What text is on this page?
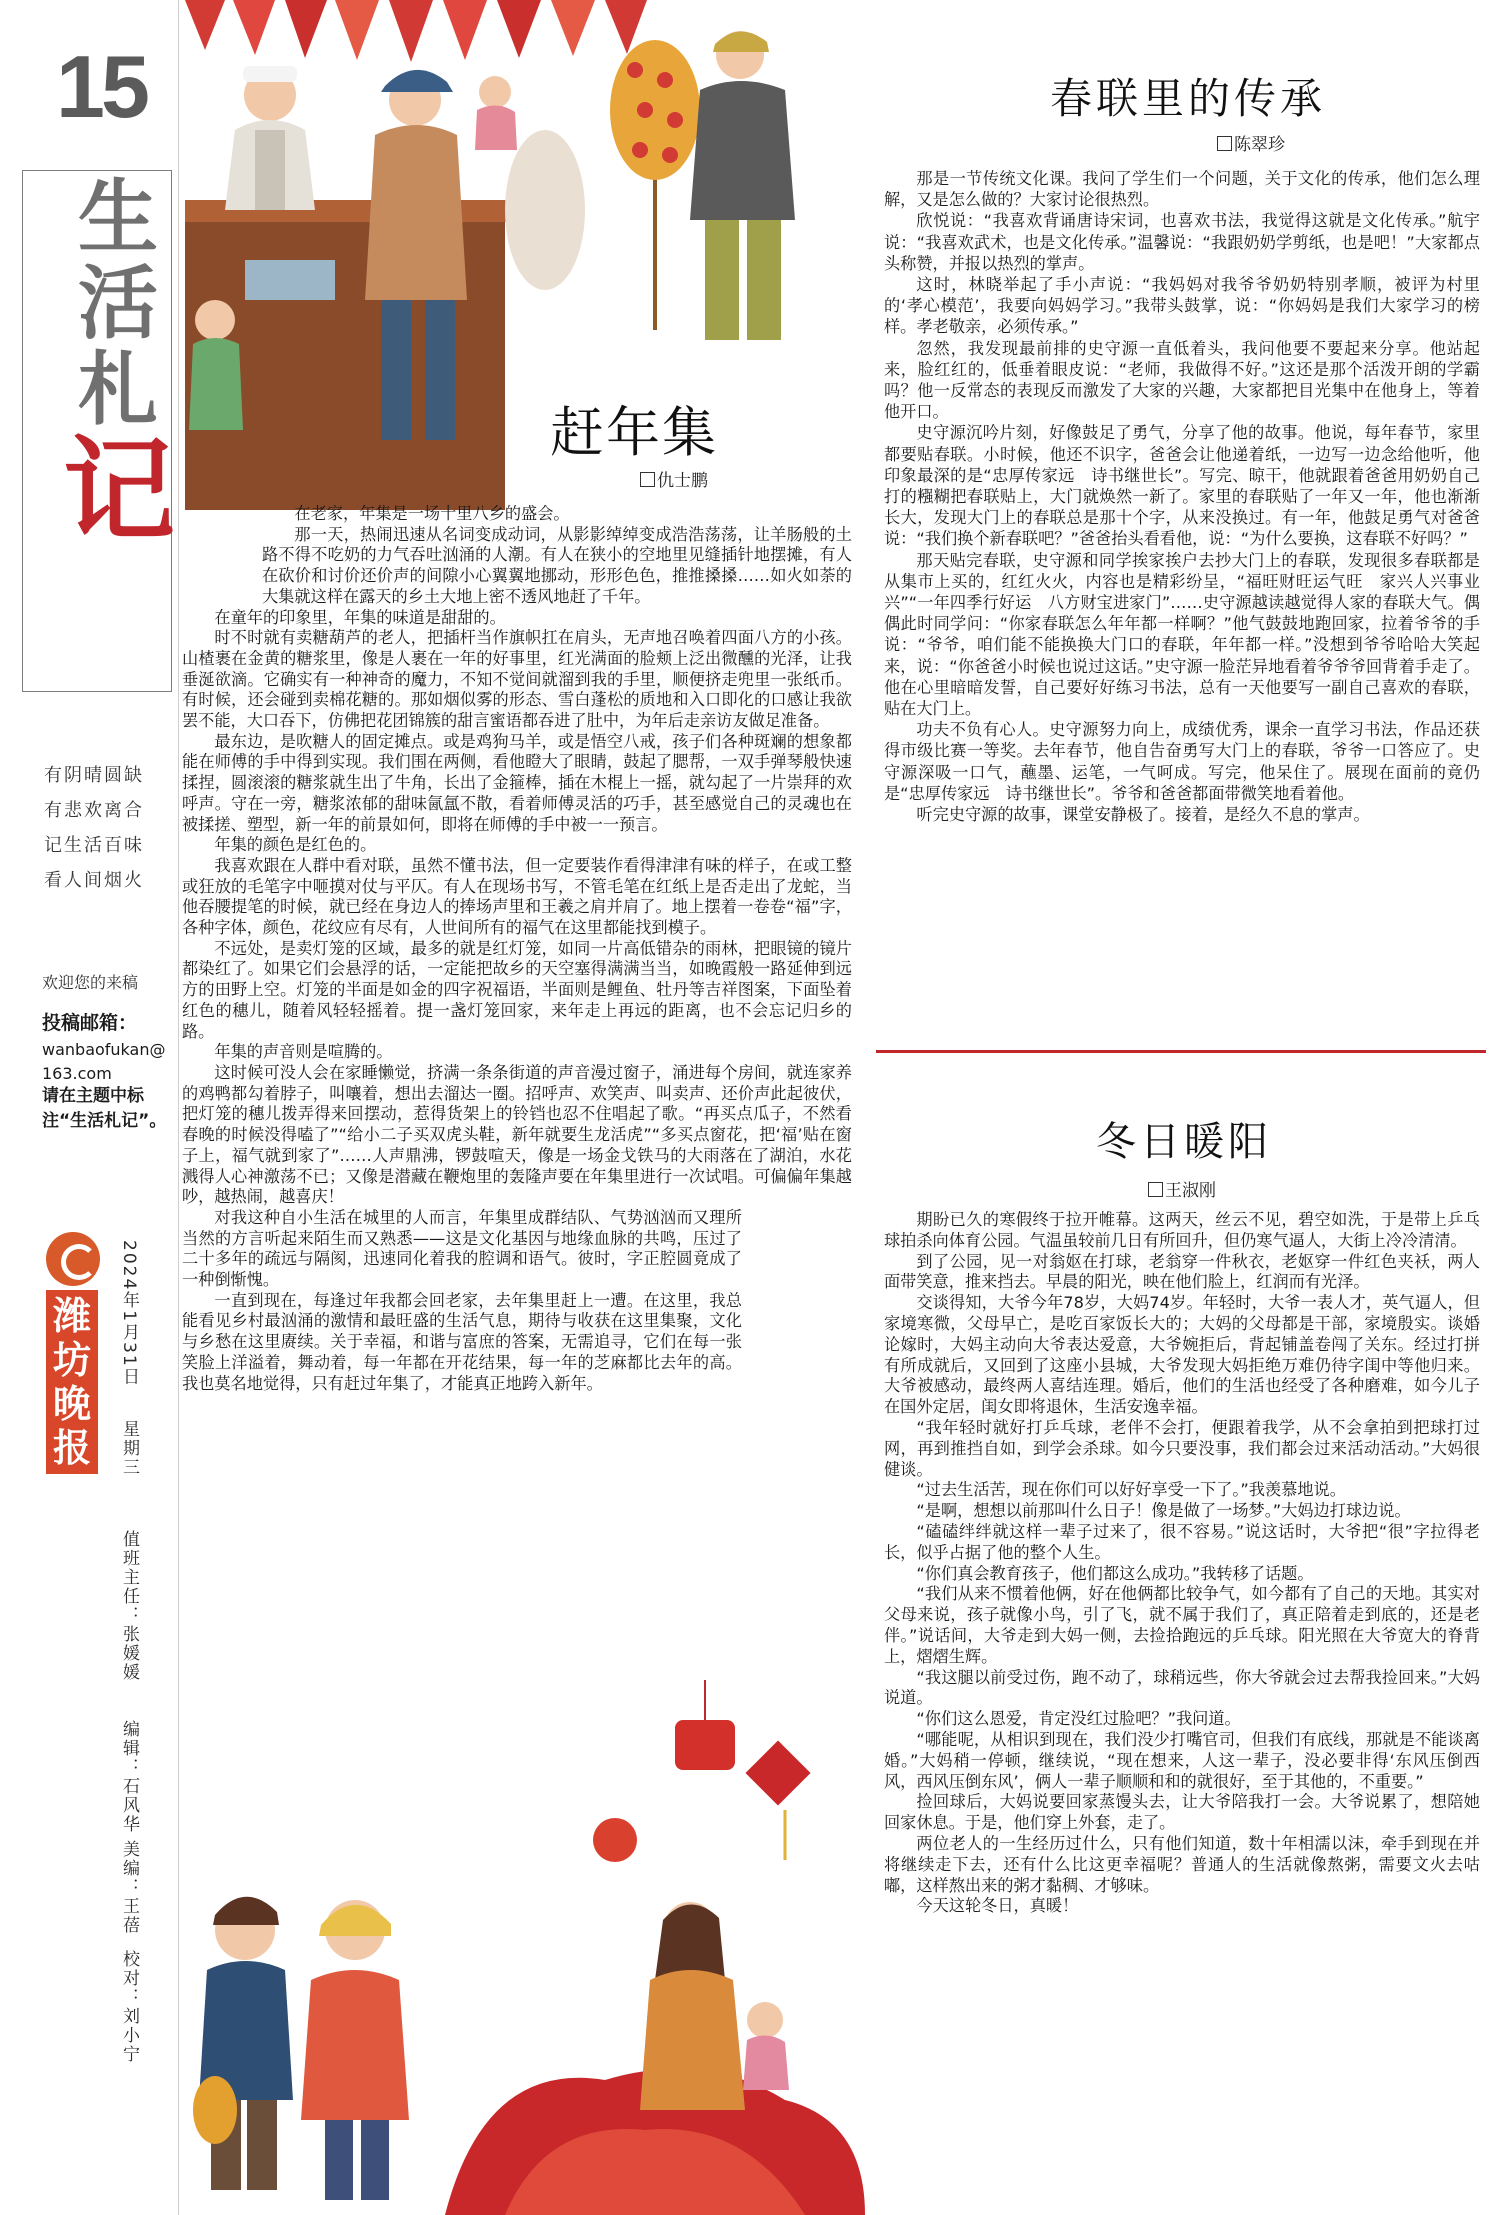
15
生
活
札
记
有阴晴圆缺
有悲欢离合
记生活百味
看人间烟火
欢迎您的来稿
投稿邮箱：
wanbaofukan@163.com
请在主题中标注“生活札记”。
潍坊晚报
2024年1月31日
星期三
值班主任：张媛媛
编辑：石风华
美编：王蓓
校对：刘小宁
赶年集
仇士鹏

在老家，年集是一场十里八乡的盛会。

那一天，热闹迅速从名词变成动词，从影影绰绰变成浩浩荡荡，让羊肠般的土路不得不吃奶的力气吞吐汹涌的人潮。有人在狭小的空地里见缝插针地摆摊，有人在砍价和讨价还价声的间隙小心翼翼地挪动，形形色色，推推搡搡……如火如荼的大集就这样在露天的乡土大地上密不透风地赶了千年。

在童年的印象里，年集的味道是甜甜的。

时不时就有卖糖葫芦的老人，把插杆当作旗帜扛在肩头，无声地召唤着四面八方的小孩。山楂裹在金黄的糖浆里，像是人裹在一年的好事里，红光满面的脸颊上泛出微醺的光泽，让我垂涎欲滴。它确实有一种神奇的魔力，不知不觉间就溜到我的手里，顺便挤走兜里一张纸币。有时候，还会碰到卖棉花糖的。那如烟似雾的形态、雪白蓬松的质地和入口即化的口感让我欲罢不能，大口吞下，仿佛把花团锦簇的甜言蜜语都吞进了肚中，为年后走亲访友做足准备。

最东边，是吹糖人的固定摊点。或是鸡狗马羊，或是悟空八戒，孩子们各种斑斓的想象都能在师傅的手中得到实现。我们围在两侧，看他瞪大了眼睛，鼓起了腮帮，一双手弹琴般快速揉捏，圆滚滚的糖浆就生出了牛角，长出了金箍棒，插在木棍上一摇，就勾起了一片崇拜的欢呼声。守在一旁，糖浆浓郁的甜味氤氲不散，看着师傅灵活的巧手，甚至感觉自己的灵魂也在被揉搓、塑型，新一年的前景如何，即将在师傅的手中被一一预言。

年集的颜色是红色的。

我喜欢跟在人群中看对联，虽然不懂书法，但一定要装作看得津津有味的样子，在或工整或狂放的毛笔字中咂摸对仗与平仄。有人在现场书写，不管毛笔在红纸上是否走出了龙蛇，当他吞腰提笔的时候，就已经在身边人的捧场声里和王羲之肩并肩了。地上摆着一卷卷“福”字，各种字体，颜色，花纹应有尽有，人世间所有的福气在这里都能找到模子。

不远处，是卖灯笼的区域，最多的就是红灯笼，如同一片高低错杂的雨林，把眼镜的镜片都染红了。如果它们会悬浮的话，一定能把故乡的天空塞得满满当当，如晚霞般一路延伸到远方的田野上空。灯笼的半面是如金的四字祝福语，半面则是鲤鱼、牡丹等吉祥图案，下面坠着红色的穗儿，随着风轻轻摇着。提一盏灯笼回家，来年走上再远的距离，也不会忘记归乡的路。

年集的声音则是喧腾的。

这时候可没人会在家睡懒觉，挤满一条条街道的声音漫过窗子，涌进每个房间，就连家养的鸡鸭都勾着脖子，叫嚷着，想出去溜达一圈。招呼声、欢笑声、叫卖声、还价声此起彼伏，把灯笼的穗儿拨弄得来回摆动，惹得货架上的铃铛也忍不住唱起了歌。“再买点瓜子，不然看春晚的时候没得嗑了”“给小二子买双虎头鞋，新年就要生龙活虎”“多买点窗花，把‘福’贴在窗子上，福气就到家了”……人声鼎沸，锣鼓喧天，像是一场金戈铁马的大雨落在了湖泊，水花溅得人心神激荡不已；又像是潜藏在鞭炮里的轰隆声要在年集里进行一次试唱。可偏偏年集越吵，越热闹，越喜庆！

对我这种自小生活在城里的人而言，年集里成群结队、气势汹汹而又理所当然的方言听起来陌生而又熟悉——这是文化基因与地缘血脉的共鸣，压过了二十多年的疏远与隔阂，迅速同化着我的腔调和语气。彼时，字正腔圆竟成了一种倒惭愧。

一直到现在，每逢过年我都会回老家，去年集里赶上一遭。在这里，我总能看见乡村最汹涌的激情和最旺盛的生活气息，期待与收获在这里集聚，文化与乡愁在这里赓续。关于幸福，和谐与富庶的答案，无需追寻，它们在每一张笑脸上洋溢着，舞动着，每一年都在开花结果，每一年的芝麻都比去年的高。我也莫名地觉得，只有赶过年集了，才能真正地跨入新年。

春联里的传承
陈翠珍

那是一节传统文化课。我问了学生们一个问题，关于文化的传承，他们怎么理解，又是怎么做的？大家讨论很热烈。

欣悦说：“我喜欢背诵唐诗宋词，也喜欢书法，我觉得这就是文化传承。”航宇说：“我喜欢武术，也是文化传承。”温馨说：“我跟奶奶学剪纸，也是吧！”大家都点头称赞，并报以热烈的掌声。

这时，林晓举起了手小声说：“我妈妈对我爷爷奶奶特别孝顺，被评为村里的‘孝心模范’，我要向妈妈学习。”我带头鼓掌，说：“你妈妈是我们大家学习的榜样。孝老敬亲，必须传承。”

忽然，我发现最前排的史守源一直低着头，我问他要不要起来分享。他站起来，脸红红的，低垂着眼皮说：“老师，我做得不好。”这还是那个活泼开朗的学霸吗？他一反常态的表现反而激发了大家的兴趣，大家都把目光集中在他身上，等着他开口。

史守源沉吟片刻，好像鼓足了勇气，分享了他的故事。他说，每年春节，家里都要贴春联。小时候，他还不识字，爸爸会让他递着纸，一边写一边念给他听，他印象最深的是“忠厚传家远　诗书继世长”。写完、晾干，他就跟着爸爸用奶奶自己打的糨糊把春联贴上，大门就焕然一新了。家里的春联贴了一年又一年，他也渐渐长大，发现大门上的春联总是那十个字，从来没换过。有一年，他鼓足勇气对爸爸说：“我们换个新春联吧？”爸爸抬头看看他，说：“为什么要换，这春联不好吗？”

那天贴完春联，史守源和同学挨家挨户去抄大门上的春联，发现很多春联都是从集市上买的，红红火火，内容也是精彩纷呈，“福旺财旺运气旺　家兴人兴事业兴”“一年四季行好运　八方财宝进家门”……史守源越读越觉得人家的春联大气。偶偶此时同学问：“你家春联怎么年年都一样啊？”他气鼓鼓地跑回家，拉着爷爷的手说：“爷爷，咱们能不能换换大门口的春联，年年都一样。”没想到爷爷哈哈大笑起来，说：“你爸爸小时候也说过这话。”史守源一脸茫异地看着爷爷爷回背着手走了。他在心里暗暗发誓，自己要好好练习书法，总有一天他要写一副自己喜欢的春联，贴在大门上。

功夫不负有心人。史守源努力向上，成绩优秀，课余一直学习书法，作品还获得市级比赛一等奖。去年春节，他自告奋勇写大门上的春联，爷爷一口答应了。史守源深吸一口气，蘸墨、运笔，一气呵成。写完，他呆住了。展现在面前的竟仍是“忠厚传家远　诗书继世长”。爷爷和爸爸都面带微笑地看着他。

听完史守源的故事，课堂安静极了。接着，是经久不息的掌声。

冬日暖阳
王淑刚

期盼已久的寒假终于拉开帷幕。这两天，丝云不见，碧空如洗，于是带上乒乓球拍杀向体育公园。气温虽较前几日有所回升，但仍寒气逼人，大街上冷冷清清。

到了公园，见一对翁妪在打球，老翁穿一件秋衣，老妪穿一件红色夹袄，两人面带笑意，推来挡去。早晨的阳光，映在他们脸上，红润而有光泽。

交谈得知，大爷今年78岁，大妈74岁。年轻时，大爷一表人才，英气逼人，但家境寒微，父母早亡，是吃百家饭长大的；大妈的父母都是干部，家境殷实。谈婚论嫁时，大妈主动向大爷表达爱意，大爷婉拒后，背起铺盖卷闯了关东。经过打拼有所成就后，又回到了这座小县城，大爷发现大妈拒绝万难仍待字闺中等他归来。大爷被感动，最终两人喜结连理。婚后，他们的生活也经受了各种磨难，如今儿子在国外定居，闺女即将退休，生活安逸幸福。

“我年轻时就好打乒乓球，老伴不会打，便跟着我学，从不会拿拍到把球打过网，再到推挡自如，到学会杀球。如今只要没事，我们都会过来活动活动。”大妈很健谈。

“过去生活苦，现在你们可以好好享受一下了。”我羡慕地说。

“是啊，想想以前那叫什么日子！像是做了一场梦。”大妈边打球边说。

“磕磕绊绊就这样一辈子过来了，很不容易。”说这话时，大爷把“很”字拉得老长，似乎占据了他的整个人生。

“你们真会教育孩子，他们都这么成功。”我转移了话题。

“我们从来不惯着他俩，好在他俩都比较争气，如今都有了自己的天地。其实对父母来说，孩子就像小鸟，引了飞，就不属于我们了，真正陪着走到底的，还是老伴。”说话间，大爷走到大妈一侧，去捡拾跑远的乒乓球。阳光照在大爷宽大的脊背上，熠熠生辉。

“我这腿以前受过伤，跑不动了，球稍远些，你大爷就会过去帮我捡回来。”大妈说道。

“你们这么恩爱，肯定没红过脸吧？”我问道。

“哪能呢，从相识到现在，我们没少打嘴官司，但我们有底线，那就是不能谈离婚。”大妈稍一停顿，继续说，“现在想来，人这一辈子，没必要非得‘东风压倒西风，西风压倒东风’，俩人一辈子顺顺和和的就很好，至于其他的，不重要。”

捡回球后，大妈说要回家蒸馒头去，让大爷陪我打一会。大爷说累了，想陪她回家休息。于是，他们穿上外套，走了。

两位老人的一生经历过什么，只有他们知道，数十年相濡以沫，牵手到现在并将继续走下去，还有什么比这更幸福呢？普通人的生活就像熬粥，需要文火去咕嘟，这样熬出来的粥才黏稠、才够味。

今天这轮冬日，真暖！
